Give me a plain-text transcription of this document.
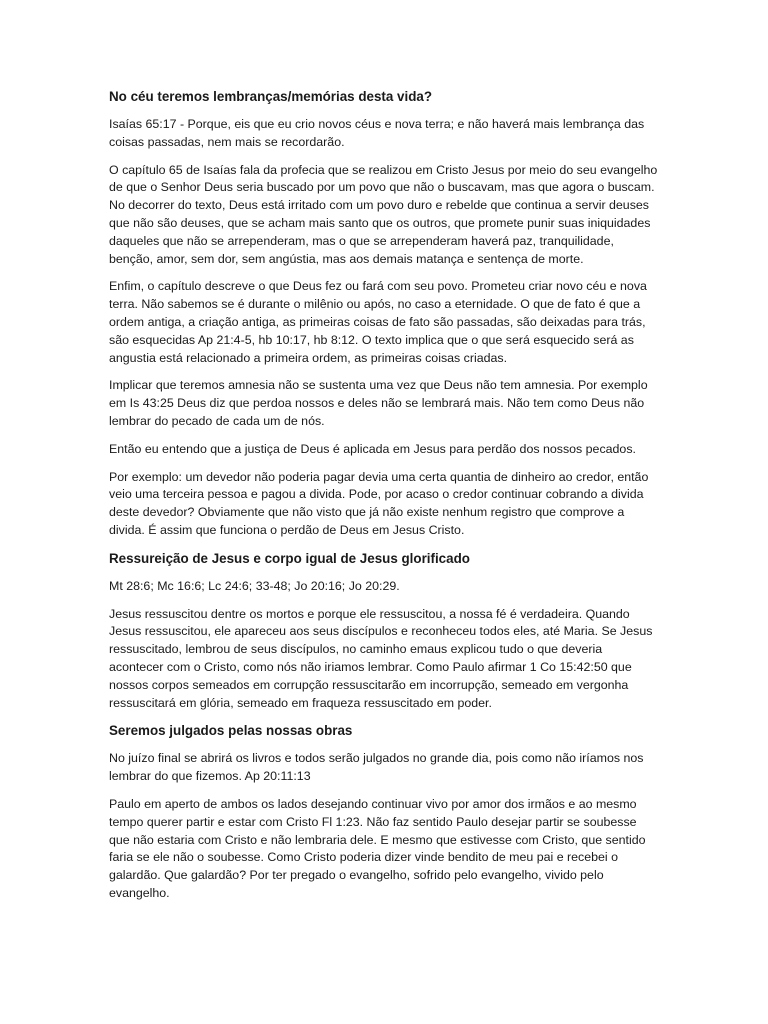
No céu teremos lembranças/memórias desta vida?

Isaías 65:17 - Porque, eis que eu crio novos céus e nova terra; e não haverá mais lembrança das coisas passadas, nem mais se recordarão.

O capítulo 65 de Isaías fala da profecia que se realizou em Cristo Jesus por meio do seu evangelho de que o Senhor Deus seria buscado por um povo que não o buscavam, mas que agora o buscam. No decorrer do texto, Deus está irritado com um povo duro e rebelde que continua a servir deuses que não são deuses, que se acham mais santo que os outros, que promete punir suas iniquidades daqueles que não se arrependeram, mas o que se arrependeram haverá paz, tranquilidade, benção, amor, sem dor, sem angústia, mas aos demais matança e sentença de morte.

Enfim, o capítulo descreve o que Deus fez ou fará com seu povo. Prometeu criar novo céu e nova terra. Não sabemos se é durante o milênio ou após, no caso a eternidade. O que de fato é que a ordem antiga, a criação antiga, as primeiras coisas de fato são passadas, são deixadas para trás, são esquecidas Ap 21:4-5, hb 10:17, hb 8:12. O texto implica que o que será esquecido será as angustia está relacionado a primeira ordem, as primeiras coisas criadas.

Implicar que teremos amnesia não se sustenta uma vez que Deus não tem amnesia. Por exemplo em Is 43:25 Deus diz que perdoa nossos e deles não se lembrará mais. Não tem como Deus não lembrar do pecado de cada um de nós.

Então eu entendo que a justiça de Deus é aplicada em Jesus para perdão dos nossos pecados.

Por exemplo: um devedor não poderia pagar devia uma certa quantia de dinheiro ao credor, então veio uma terceira pessoa e pagou a divida. Pode, por acaso o credor continuar cobrando a divida deste devedor? Obviamente que não visto que já não existe nenhum registro que comprove a divida. É assim que funciona o perdão de Deus em Jesus Cristo.

Ressureição de Jesus e corpo igual de Jesus glorificado

Mt 28:6; Mc 16:6; Lc 24:6; 33-48; Jo 20:16; Jo 20:29.

Jesus ressuscitou dentre os mortos e porque ele ressuscitou, a nossa fé é verdadeira. Quando Jesus ressuscitou, ele apareceu aos seus discípulos e reconheceu todos eles, até Maria. Se Jesus ressuscitado, lembrou de seus discípulos, no caminho emaus explicou tudo o que deveria acontecer com o Cristo, como nós não iriamos lembrar. Como Paulo afirmar 1 Co 15:42:50 que nossos corpos semeados em corrupção ressuscitarão em incorrupção, semeado em vergonha ressuscitará em glória, semeado em fraqueza ressuscitado em poder.

Seremos julgados pelas nossas obras

No juízo final se abrirá os livros e todos serão julgados no grande dia, pois como não iríamos nos lembrar do que fizemos. Ap 20:11:13

Paulo em aperto de ambos os lados desejando continuar vivo por amor dos irmãos e ao mesmo tempo querer partir e estar com Cristo Fl 1:23. Não faz sentido Paulo desejar partir se soubesse que não estaria com Cristo e não lembraria dele. E mesmo que estivesse com Cristo, que sentido faria se ele não o soubesse. Como Cristo poderia dizer vinde bendito de meu pai e recebei o galardão. Que galardão? Por ter pregado o evangelho, sofrido pelo evangelho, vivido pelo evangelho.
